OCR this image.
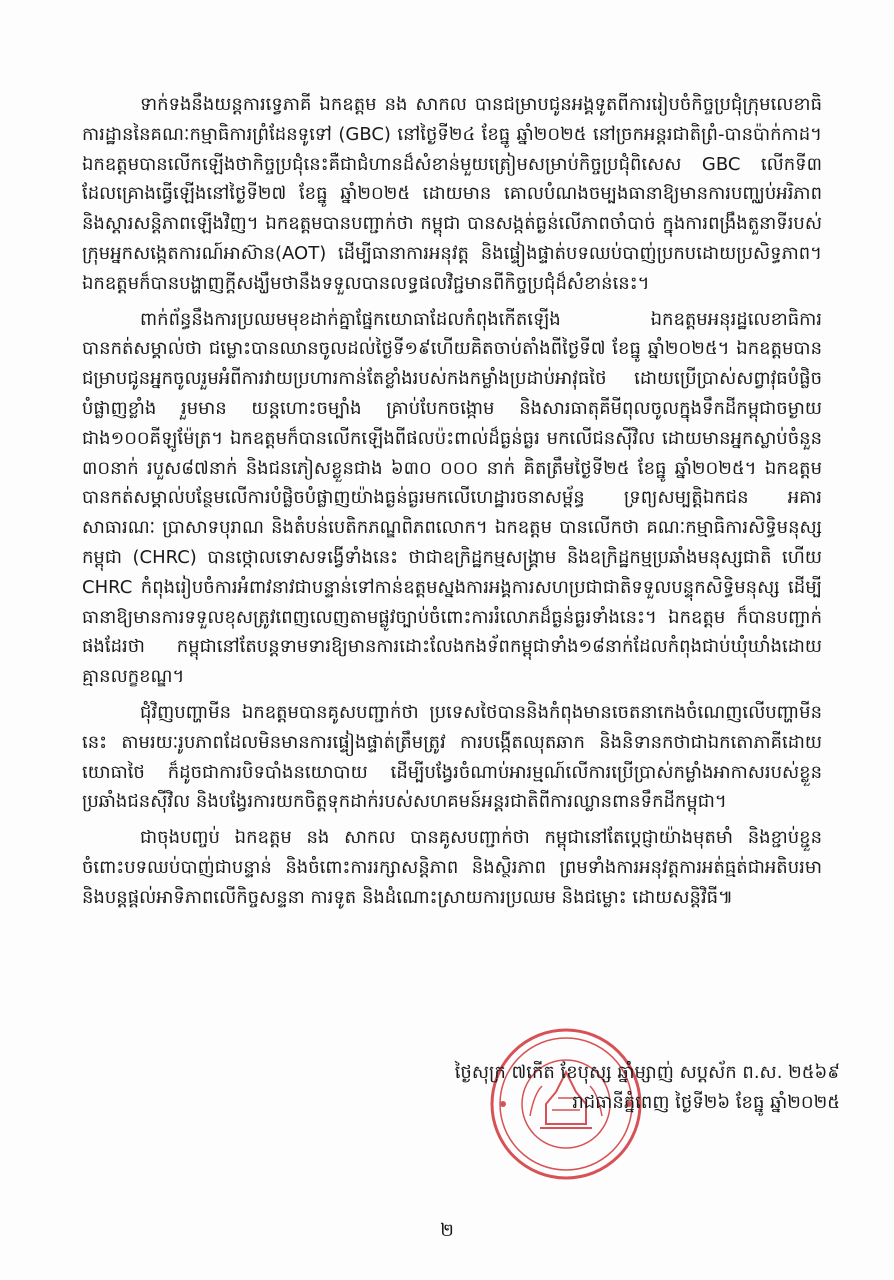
ទាក់ទងនឹងយន្តការទ្វេភាគី ឯកឧត្តម នង សាកល បានជម្រាបជូនអង្គទូតពីការរៀបចំកិច្ចប្រជុំក្រុមលេខាធិការដ្ឋាននៃគណៈកម្មាធិការព្រំដែនទូទៅ (GBC) នៅថ្ងៃទី២៤ ខែធ្នូ ឆ្នាំ២០២៥ នៅច្រកអន្តរជាតិព្រំ-បានប៉ាក់កាដ។ ឯកឧត្តមបានលើកឡើងថាកិច្ចប្រជុំនេះគឺជាជំហានដ៏សំខាន់មួយត្រៀមសម្រាប់កិច្ចប្រជុំពិសេស GBC លើកទី៣ ដែលគ្រោងធ្វើឡើងនៅថ្ងៃទី២៧ ខែធ្នូ ឆ្នាំ២០២៥ ដោយមាន គោលបំណងចម្បងធានាឱ្យមានការបញ្ឈប់អរិភាព និងស្តារសន្តិភាពឡើងវិញ។ ឯកឧត្តមបានបញ្ជាក់ថា កម្ពុជា បានសង្កត់ធ្ងន់លើភាពចាំបាច់ ក្នុងការពង្រឹងតួនាទីរបស់ក្រុមអ្នកសង្កេតការណ៍អាស៊ាន(AOT) ដើម្បីធានាការអនុវត្ត និងផ្ទៀងផ្ទាត់បទឈប់បាញ់ប្រកបដោយប្រសិទ្ធភាព។ ឯកឧត្តមក៏បានបង្ហាញក្តីសង្ឃឹមថានឹងទទួលបានលទ្ធផលវិជ្ជមានពីកិច្ចប្រជុំដ៏សំខាន់នេះ។

ពាក់ព័ន្ធនឹងការប្រឈមមុខដាក់គ្នាផ្នែកយោធាដែលកំពុងកើតឡើង ឯកឧត្តមអនុរដ្ឋលេខាធិការបានកត់សម្គាល់ថា ជម្លោះបានឈានចូលដល់ថ្ងៃទី១៩ហើយគិតចាប់តាំងពីថ្ងៃទី៧ ខែធ្នូ ឆ្នាំ២០២៥។ ឯកឧត្តមបានជម្រាបជូនអ្នកចូលរួមអំពីការវាយប្រហារកាន់តែខ្លាំងរបស់កងកម្លាំងប្រដាប់អាវុធថៃ ដោយប្រើប្រាស់សព្វាវុធបំផ្លិចបំផ្លាញខ្លាំង រួមមាន យន្តហោះចម្បាំង គ្រាប់បែកចង្កោម និងសារធាតុគីមីពុលចូលក្នុងទឹកដីកម្ពុជាចម្ងាយជាង១០០គីឡូម៉ែត្រ។ ឯកឧត្តមក៏បានលើកឡើងពីផលប៉ះពាល់ដ៏ធ្ងន់ធ្ងរ មកលើជនស៊ីវិល ដោយមានអ្នកស្លាប់ចំនួន ៣០នាក់ របួស៨៧នាក់ និងជនភៀសខ្លួនជាង ៦៣០ ០០០ នាក់ គិតត្រឹមថ្ងៃទី២៥ ខែធ្នូ ឆ្នាំ២០២៥។ ឯកឧត្តមបានកត់សម្គាល់បន្ថែមលើការបំផ្លិចបំផ្លាញយ៉ាងធ្ងន់ធ្ងរមកលើហេដ្ឋារចនាសម្ព័ន្ធ ទ្រព្យសម្បត្តិឯកជន អគារសាធារណៈ ប្រាសាទបុរាណ និងតំបន់បេតិកភណ្ឌពិភពលោក។ ឯកឧត្តម បានលើកថា គណៈកម្មាធិការសិទ្ធិមនុស្សកម្ពុជា (CHRC) បានថ្កោលទោសទង្វើទាំងនេះ ថាជាឧក្រិដ្ឋកម្មសង្គ្រាម និងឧក្រិដ្ឋកម្មប្រឆាំងមនុស្សជាតិ ហើយ CHRC កំពុងរៀបចំការអំពាវនាវជាបន្ទាន់ទៅកាន់ឧត្តមស្នងការអង្គការសហប្រជាជាតិទទួលបន្ទុកសិទ្ធិមនុស្ស ដើម្បីធានាឱ្យមានការទទួលខុសត្រូវពេញលេញតាមផ្លូវច្បាប់ចំពោះការរំលោភដ៏ធ្ងន់ធ្ងរទាំងនេះ។ ឯកឧត្តម ក៏បានបញ្ជាក់ផងដែរថា កម្ពុជានៅតែបន្តទាមទារឱ្យមានការដោះលែងកងទ័ពកម្ពុជាទាំង១៨នាក់ដែលកំពុងជាប់ឃុំឃាំងដោយគ្មានលក្ខខណ្ឌ។

ជុំវិញបញ្ហាមីន ឯកឧត្តមបានគូសបញ្ជាក់ថា ប្រទេសថៃបាននិងកំពុងមានចេតនាកេងចំណេញលើបញ្ហាមីននេះ តាមរយៈរូបភាពដែលមិនមានការផ្ទៀងផ្ទាត់ត្រឹមត្រូវ ការបង្កើតឈុតឆាក និងនិទានកថាជាឯកតោភាគីដោយយោធាថៃ ក៏ដូចជាការបិទបាំងនយោបាយ ដើម្បីបង្វែរចំណាប់អារម្មណ៍លើការប្រើប្រាស់កម្លាំងអាកាសរបស់ខ្លួនប្រឆាំងជនស៊ីវិល និងបង្វែរការយកចិត្តទុកដាក់របស់សហគមន៍អន្តរជាតិពីការឈ្លានពានទឹកដីកម្ពុជា។

ជាចុងបញ្ចប់ ឯកឧត្តម នង សាកល បានគូសបញ្ជាក់ថា កម្ពុជានៅតែប្តេជ្ញាយ៉ាងមុតមាំ និងខ្ជាប់ខ្ជួនចំពោះបទឈប់បាញ់ជាបន្ទាន់ និងចំពោះការរក្សាសន្តិភាព និងស្ថិរភាព ព្រមទាំងការអនុវត្តការអត់ធ្មត់ជាអតិបរមា និងបន្តផ្តល់អាទិភាពលើកិច្ចសន្ទនា ការទូត និងដំណោះស្រាយការប្រឈម និងជម្លោះ ដោយសន្តិវិធី៕

ថ្ងៃសុក្រ ៧កើត ខែបុស្ស ឆ្នាំម្សាញ់ សប្តស័ក ព.ស. ២៥៦៩
រាជធានីភ្នំពេញ ថ្ងៃទី២៦ ខែធ្នូ ឆ្នាំ២០២៥
២
